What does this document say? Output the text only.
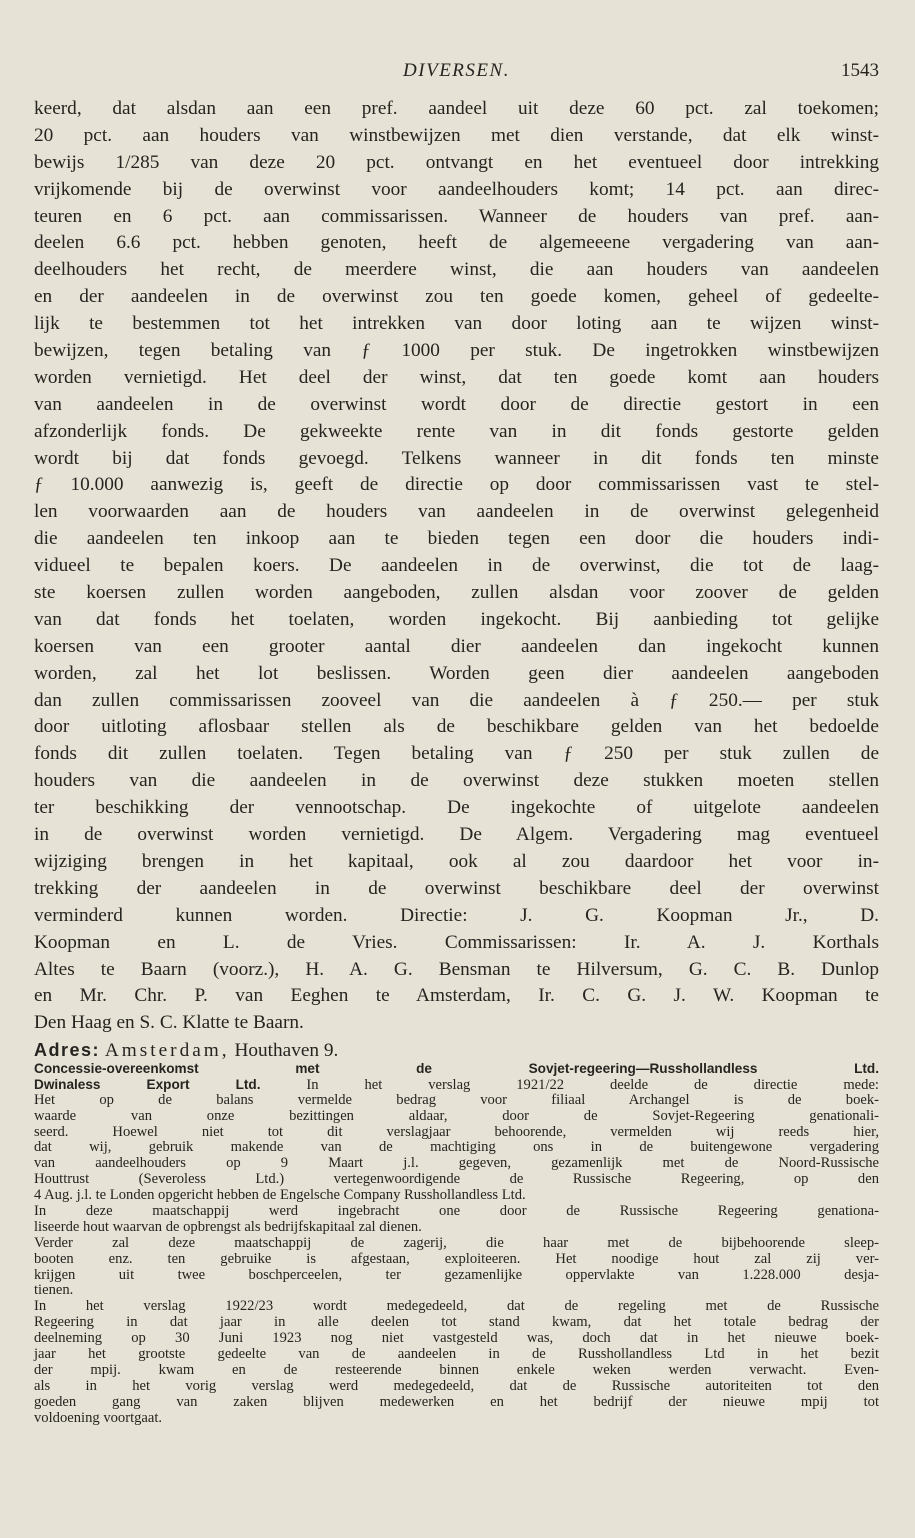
DIVERSEN.	1543
keerd, dat alsdan aan een pref. aandeel uit deze 60 pct. zal toekomen;
20 pct. aan houders van winstbewijzen met dien verstande, dat elk winst-
bewijs 1/285 van deze 20 pct. ontvangt en het eventueel door intrekking
vrijkomende bij de overwinst voor aandeelhouders komt; 14 pct. aan direc-
teuren en 6 pct. aan commissarissen. Wanneer de houders van pref. aan-
deelen 6.6 pct. hebben genoten, heeft de algemeeene vergadering van aan-
deelhouders het recht, de meerdere winst, die aan houders van aandeelen
en der aandeelen in de overwinst zou ten goede komen, geheel of gedeelte-
lijk te bestemmen tot het intrekken van door loting aan te wijzen winst-
bewijzen, tegen betaling van ƒ 1000 per stuk. De ingetrokken winstbewijzen
worden vernietigd. Het deel der winst, dat ten goede komt aan houders
van aandeelen in de overwinst wordt door de directie gestort in een
afzonderlijk fonds. De gekweekte rente van in dit fonds gestorte gelden
wordt bij dat fonds gevoegd. Telkens wanneer in dit fonds ten minste
ƒ 10.000 aanwezig is, geeft de directie op door commissarissen vast te stel-
len voorwaarden aan de houders van aandeelen in de overwinst gelegenheid
die aandeelen ten inkoop aan te bieden tegen een door die houders indi-
vidueel te bepalen koers. De aandeelen in de overwinst, die tot de laag-
ste koersen zullen worden aangeboden, zullen alsdan voor zoover de gelden
van dat fonds het toelaten, worden ingekocht. Bij aanbieding tot gelijke
koersen van een grooter aantal dier aandeelen dan ingekocht kunnen
worden, zal het lot beslissen. Worden geen dier aandeelen aangeboden
dan zullen commissarissen zooveel van die aandeelen à ƒ 250.— per stuk
door uitloting aflosbaar stellen als de beschikbare gelden van het bedoelde
fonds dit zullen toelaten. Tegen betaling van ƒ 250 per stuk zullen de
houders van die aandeelen in de overwinst deze stukken moeten stellen
ter beschikking der vennootschap. De ingekochte of uitgelote aandeelen
in de overwinst worden vernietigd. De Algem. Vergadering mag eventueel
wijziging brengen in het kapitaal, ook al zou daardoor het voor in-
trekking der aandeelen in de overwinst beschikbare deel der overwinst
verminderd kunnen worden. Directie: J. G. Koopman Jr., D.
Koopman en L. de Vries. Commissarissen: Ir. A. J. Korthals
Altes te Baarn (voorz.), H. A. G. Bensman te Hilversum, G. C. B. Dunlop
en Mr. Chr. P. van Eeghen te Amsterdam, Ir. C. G. J. W. Koopman te
Den Haag en S. C. Klatte te Baarn.
Adres: Amsterdam, Houthaven 9.
Concessie-overeenkomst met de Sovjet-regeering—Russhollandless Ltd.
Dwinaless Export Ltd.	In het verslag 1921/22 deelde de directie mede:
Het op de balans vermelde bedrag voor filiaal Archangel is de boek-
waarde van onze bezittingen aldaar, door de Sovjet-Regeering genationali-
seerd. Hoewel niet tot dit verslagjaar behoorende, vermelden wij reeds hier,
dat wij, gebruik makende van de machtiging ons in de buitengewone vergadering
van aandeelhouders op 9 Maart j.l. gegeven, gezamenlijk met de Noord-Russische
Houttrust (Severoless Ltd.) vertegenwoordigende de Russische Regeering, op den
4 Aug. j.l. te Londen opgericht hebben de Engelsche Company Russhollandless Ltd.
In deze maatschappij werd ingebracht one door de Russische Regeering genationa-
liseerde hout waarvan de opbrengst als bedrijfskapitaal zal dienen.
Verder zal deze maatschappij de zagerij, die haar met de bijbehoorende sleep-
booten enz. ten gebruike is afgestaan, exploiteeren. Het noodige hout zal zij ver-
krijgen uit twee boschperceelen, ter gezamenlijke oppervlakte van 1.228.000 desja-
tienen.
In het verslag 1922/23 wordt medegedeeld, dat de regeling met de Russische
Regeering in dat jaar in alle deelen tot stand kwam, dat het totale bedrag der
deelneming op 30 Juni 1923 nog niet vastgesteld was, doch dat in het nieuwe boek-
jaar het grootste gedeelte van de aandeelen in de Russhollandless Ltd in het bezit
der mpij. kwam en de resteerende binnen enkele weken werden verwacht. Even-
als in het vorig verslag werd medegedeeld, dat de Russische autoriteiten tot den
goeden gang van zaken blijven medewerken en het bedrijf der nieuwe mpij tot
voldoening voortgaat.
